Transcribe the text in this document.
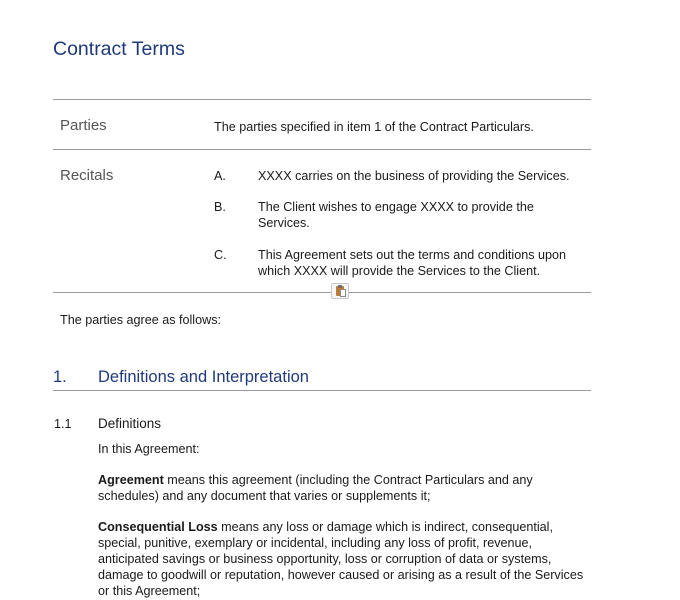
Contract Terms
Parties	The parties specified in item 1 of the Contract Particulars.
Recitals	A.	XXXX carries on the business of providing the Services.
B.	The Client wishes to engage XXXX to provide the Services.
C. This Agreement sets out the terms and conditions upon which XXXX will provide the Services to the Client.
The parties agree as follows:
1. Definitions and Interpretation
1.1 Definitions
In this Agreement:

Agreement means this agreement (including the Contract Particulars and any schedules) and any document that varies or supplements it;

Consequential Loss means any loss or damage which is indirect, consequential, special, punitive, exemplary or incidental, including any loss of profit, revenue, anticipated savings or business opportunity, loss or corruption of data or systems, damage to goodwill or reputation, however caused or arising as a result of the Services or this Agreement;
